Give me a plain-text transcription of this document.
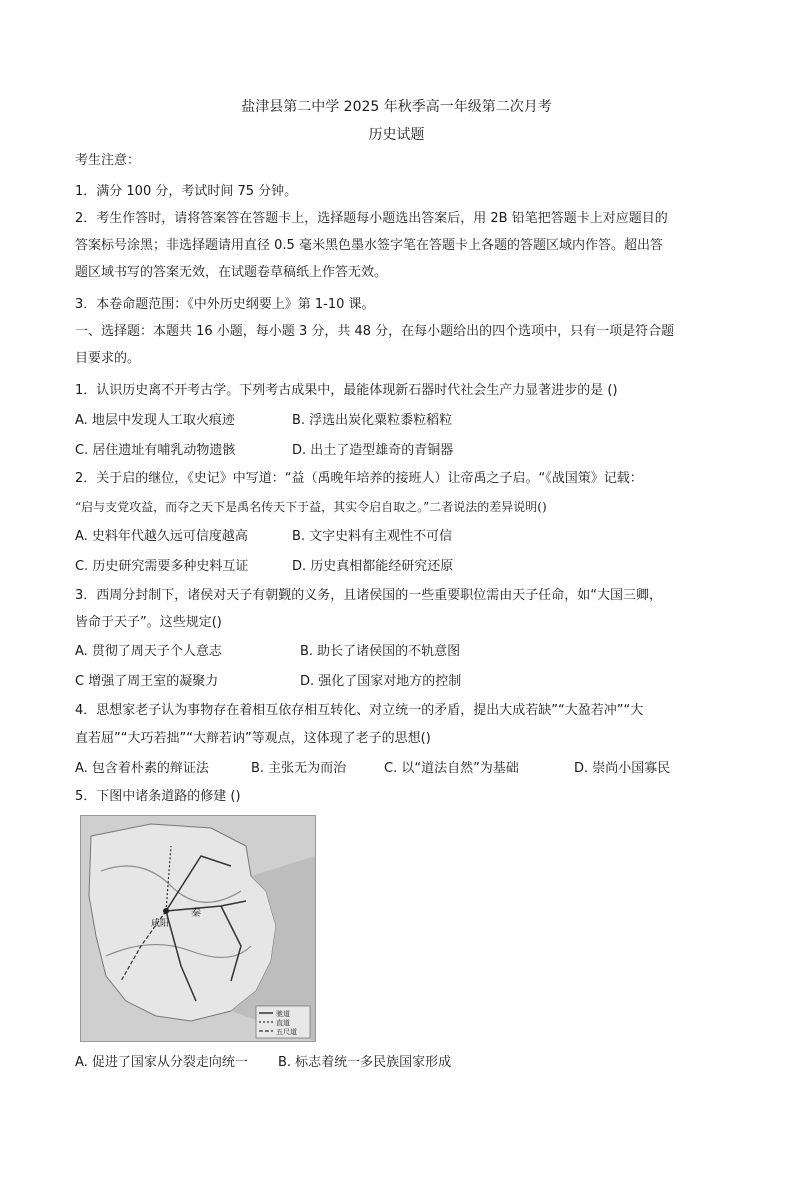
盐津县第二中学 2025 年秋季高一年级第二次月考
历史试题
考生注意：
1．满分 100 分，考试时间 75 分钟。
2．考生作答时，请将答案答在答题卡上，选择题每小题选出答案后，用 2B 铅笔把答题卡上对应题目的
答案标号涂黑；非选择题请用直径 0.5 毫米黑色墨水签字笔在答题卡上各题的答题区域内作答。超出答
题区域书写的答案无效，在试题卷草稿纸上作答无效。
3．本卷命题范围：《中外历史纲要上》第 1-10 课。
一、选择题：本题共 16 小题，每小题 3 分，共 48 分，在每小题给出的四个选项中，只有一项是符合题
目要求的。
1．认识历史离不开考古学。下列考古成果中，最能体现新石器时代社会生产力显著进步的是 ()
A. 地层中发现人工取火痕迹	B. 浮选出炭化粟粒黍粒稻粒
C. 居住遗址有哺乳动物遗骸	D. 出土了造型雄奇的青铜器
2．关于启的继位，《史记》中写道：“益（禹晚年培养的接班人）让帝禹之子启。“《战国策》记载：
“启与支党攻益，而夺之天下是禹名传天下于益，其实令启自取之。”二者说法的差异说明()
A. 史料年代越久远可信度越高	B. 文字史料有主观性不可信
C. 历史研究需要多种史料互证	D. 历史真相都能经研究还原
3．西周分封制下，诸侯对天子有朝觐的义务，且诸侯国的一些重要职位需由天子任命，如“大国三卿，
皆命于天子”。这些规定()
A. 贯彻了周天子个人意志	B. 助长了诸侯国的不轨意图
C 增强了周王室的凝聚力	D. 强化了国家对地方的控制
4．思想家老子认为事物存在着相互依存相互转化、对立统一的矛盾，提出大成若缺”“大盈若冲”“大
直若屈”“大巧若拙”“大辩若讷”等观点，这体现了老子的思想()
A. 包含着朴素的辩证法	B. 主张无为而治	C. 以“道法自然”为基础	D. 崇尚小国寡民
5．下图中诸条道路的修建 ()
咸阳
秦
驰道
直道
五尺道
A. 促进了国家从分裂走向统一 B. 标志着统一多民族国家形成
